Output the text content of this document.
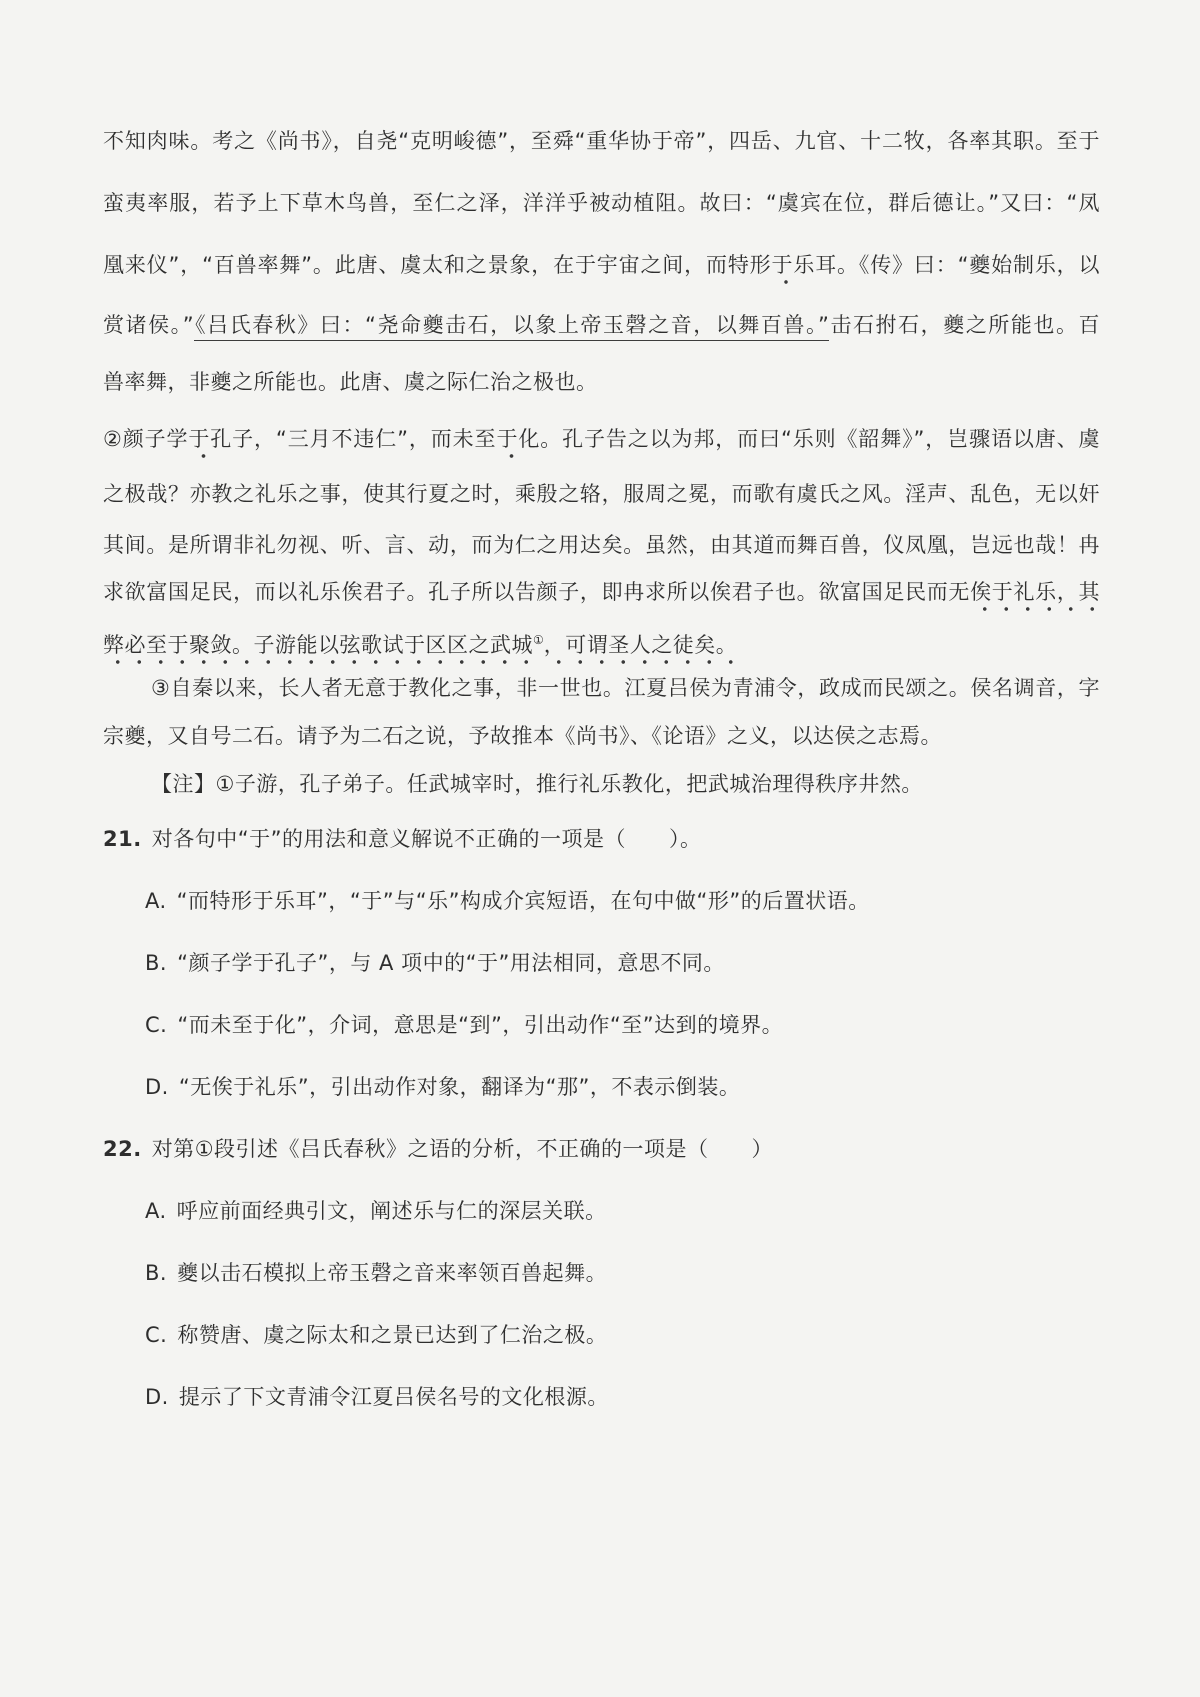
不知肉味。考之《尚书》，自尧“克明峻德”，至舜“重华协于帝”，四岳、九官、十二牧，各率其职。至于
蛮夷率服，若予上下草木鸟兽，至仁之泽，洋洋乎被动植阻。故曰：“虞宾在位，群后德让。”又曰：“凤
凰来仪”，“百兽率舞”。此唐、虞太和之景象，在于宇宙之间，而特形于乐耳。《传》曰：“夔始制乐，以
赏诸侯。”《吕氏春秋》曰：“尧命夔击石，以象上帝玉磬之音，以舞百兽。”击石拊石，夔之所能也。百
兽率舞，非夔之所能也。此唐、虞之际仁治之极也。
②颜子学于孔子，“三月不违仁”，而未至于化。孔子告之以为邦，而曰“乐则《韶舞》”，岂骤语以唐、虞
之极哉？亦教之礼乐之事，使其行夏之时，乘殷之辂，服周之冕，而歌有虞氏之风。淫声、乱色，无以奸
其间。是所谓非礼勿视、听、言、动，而为仁之用达矣。虽然，由其道而舞百兽，仪凤凰，岂远也哉！冉
求欲富国足民，而以礼乐俟君子。孔子所以告颜子，即冉求所以俟君子也。欲富国足民而无俟于礼乐，其
弊必至于聚敛。子游能以弦歌试于区区之武城①，可谓圣人之徒矣。
③自秦以来，长人者无意于教化之事，非一世也。江夏吕侯为青浦令，政成而民颂之。侯名调音，字
宗夔，又自号二石。请予为二石之说，予故推本《尚书》、《论语》之义，以达侯之志焉。
【注】①子游，孔子弟子。任武城宰时，推行礼乐教化，把武城治理得秩序井然。
21. 对各句中“于”的用法和意义解说不正确的一项是（　　）。
A. “而特形于乐耳”，“于”与“乐”构成介宾短语，在句中做“形”的后置状语。
B. “颜子学于孔子”，与 A 项中的“于”用法相同，意思不同。
C. “而未至于化”，介词，意思是“到”，引出动作“至”达到的境界。
D. “无俟于礼乐”，引出动作对象，翻译为“那”，不表示倒装。
22. 对第①段引述《吕氏春秋》之语的分析，不正确的一项是（　　）
A. 呼应前面经典引文，阐述乐与仁的深层关联。
B. 夔以击石模拟上帝玉磬之音来率领百兽起舞。
C. 称赞唐、虞之际太和之景已达到了仁治之极。
D. 提示了下文青浦令江夏吕侯名号的文化根源。
